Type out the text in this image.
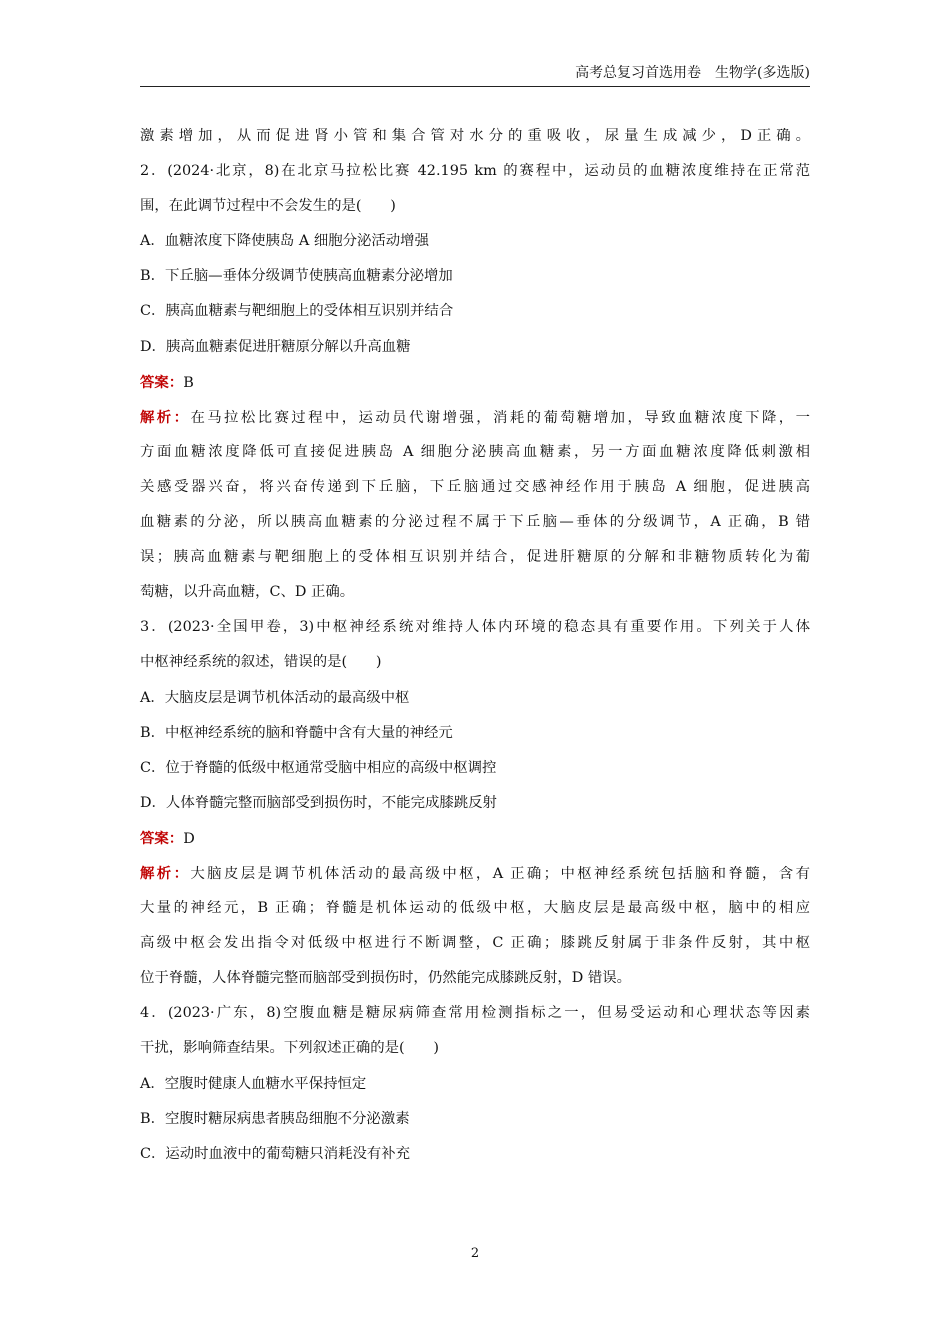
高考总复习首选用卷　生物学(多选版)
激素增加，从而促进肾小管和集合管对水分的重吸收，尿量生成减少，D正确。
2．(2024·北京，8)在北京马拉松比赛 42.195 km 的赛程中，运动员的血糖浓度维持在正常范
围，在此调节过程中不会发生的是(　　)
A．血糖浓度下降使胰岛 A 细胞分泌活动增强
B．下丘脑—垂体分级调节使胰高血糖素分泌增加
C．胰高血糖素与靶细胞上的受体相互识别并结合
D．胰高血糖素促进肝糖原分解以升高血糖
答案：B
解析：在马拉松比赛过程中，运动员代谢增强，消耗的葡萄糖增加，导致血糖浓度下降，一
方面血糖浓度降低可直接促进胰岛 A 细胞分泌胰高血糖素，另一方面血糖浓度降低刺激相
关感受器兴奋，将兴奋传递到下丘脑，下丘脑通过交感神经作用于胰岛 A 细胞，促进胰高
血糖素的分泌，所以胰高血糖素的分泌过程不属于下丘脑—垂体的分级调节，A 正确，B 错
误；胰高血糖素与靶细胞上的受体相互识别并结合，促进肝糖原的分解和非糖物质转化为葡
萄糖，以升高血糖，C、D 正确。
3．(2023·全国甲卷，3)中枢神经系统对维持人体内环境的稳态具有重要作用。下列关于人体
中枢神经系统的叙述，错误的是(　　)
A．大脑皮层是调节机体活动的最高级中枢
B．中枢神经系统的脑和脊髓中含有大量的神经元
C．位于脊髓的低级中枢通常受脑中相应的高级中枢调控
D．人体脊髓完整而脑部受到损伤时，不能完成膝跳反射
答案：D
解析：大脑皮层是调节机体活动的最高级中枢，A 正确；中枢神经系统包括脑和脊髓，含有
大量的神经元，B 正确；脊髓是机体运动的低级中枢，大脑皮层是最高级中枢，脑中的相应
高级中枢会发出指令对低级中枢进行不断调整，C 正确；膝跳反射属于非条件反射，其中枢
位于脊髓，人体脊髓完整而脑部受到损伤时，仍然能完成膝跳反射，D 错误。
4．(2023·广东，8)空腹血糖是糖尿病筛查常用检测指标之一，但易受运动和心理状态等因素
干扰，影响筛查结果。下列叙述正确的是(　　)
A．空腹时健康人血糖水平保持恒定
B．空腹时糖尿病患者胰岛细胞不分泌激素
C．运动时血液中的葡萄糖只消耗没有补充
2
